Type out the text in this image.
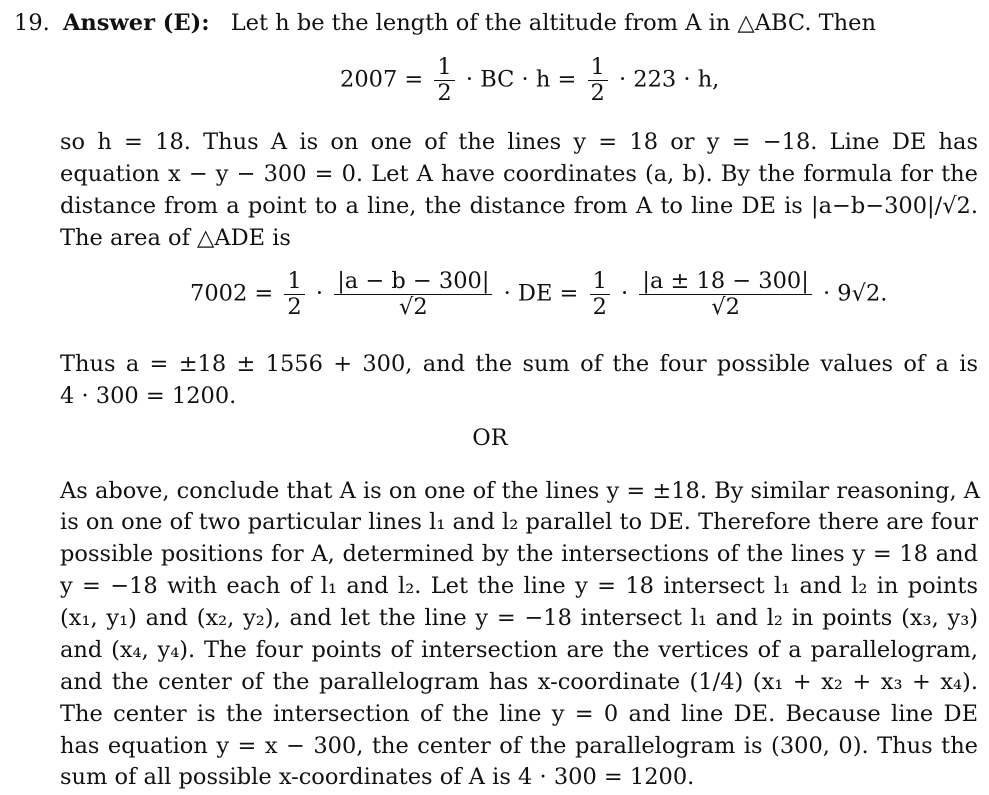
19. Answer (E): Let h be the length of the altitude from A in △ABC. Then
$2007 = \frac{1}{2}$ · BC · $h = \frac{1}{2} \cdot 223 \cdot h$,
so h = 18. Thus A is on one of the lines y = 18 or y = −18. Line DE has
equation x − y − 300 = 0. Let A have coordinates (a, b). By the formula for the
distance from a point to a line, the distance from A to line DE is |a−b−300|/√2.
The area of △ADE is
$7002 = \frac{1}{2} \cdot \frac{|a - b - 300|}{√2}$ · DE = $\frac{1}{2} \cdot \frac{|a \pm 18 - 300|}{√2} \cdot 9√2$.
Thus a = ±18 ± 1556 + 300, and the sum of the four possible values of a is
4 · 300 = 1200.
OR
As above, conclude that A is on one of the lines y = ±18. By similar reasoning, A
is on one of two particular lines l₁ and l₂ parallel to DE. Therefore there are four
possible positions for A, determined by the intersections of the lines y = 18 and
y = −18 with each of l₁ and l₂. Let the line y = 18 intersect l₁ and l₂ in points
(x₁, y₁) and (x₂, y₂), and let the line y = −18 intersect l₁ and l₂ in points (x₃, y₃)
and (x₄, y₄). The four points of intersection are the vertices of a parallelogram,
and the center of the parallelogram has x-coordinate (1/4) (x₁ + x₂ + x₃ + x₄).
The center is the intersection of the line y = 0 and line DE. Because line DE
has equation y = x − 300, the center of the parallelogram is (300, 0). Thus the
sum of all possible x-coordinates of A is 4 · 300 = 1200.
